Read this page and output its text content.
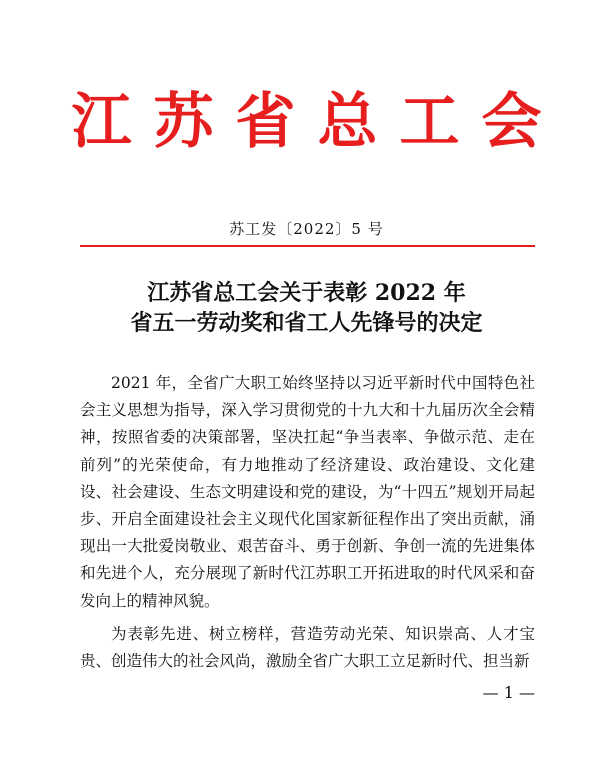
江苏省总工会
苏工发〔2022〕5 号
江苏省总工会关于表彰 2022 年
省五一劳动奖和省工人先锋号的决定

2021 年，全省广大职工始终坚持以习近平新时代中国特色社会主义思想为指导，深入学习贯彻党的十九大和十九届历次全会精神，按照省委的决策部署，坚决扛起“争当表率、争做示范、走在前列”的光荣使命，有力地推动了经济建设、政治建设、文化建设、社会建设、生态文明建设和党的建设，为“十四五”规划开局起步、开启全面建设社会主义现代化国家新征程作出了突出贡献，涌现出一大批爱岗敬业、艰苦奋斗、勇于创新、争创一流的先进集体和先进个人，充分展现了新时代江苏职工开拓进取的时代风采和奋发向上的精神风貌。

为表彰先进、树立榜样，营造劳动光荣、知识崇高、人才宝贵、创造伟大的社会风尚，激励全省广大职工立足新时代、担当新

— 1 —
